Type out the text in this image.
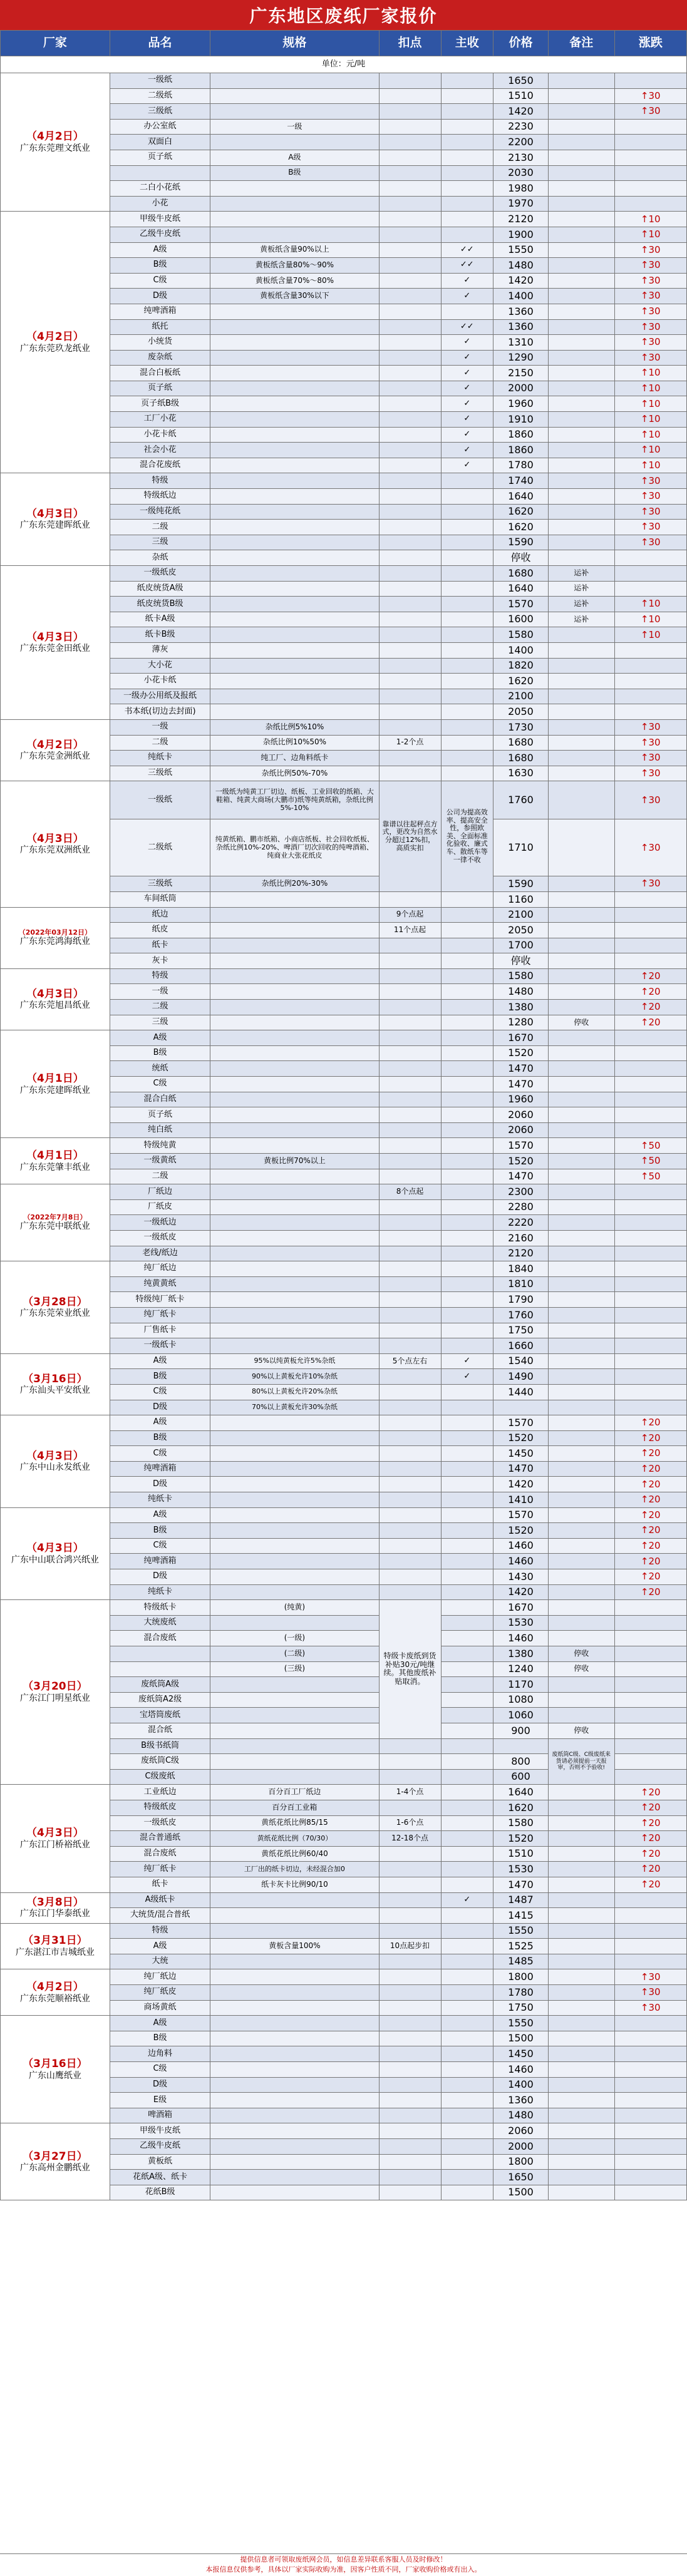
广东地区废纸厂家报价
厂家	品名	规格	扣点	主收	价格	备注	涨跌
单位：元/吨							

（4月2日）
广东东莞理文纸业	一级纸				1650		
	二级纸				1510		↑30
	三级纸				1420		↑30
	办公室纸	一级			2230		
	双面白				2200		
	页子纸	A级			2130		
		B级			2030		
	二白小花纸				1980		
	小花				1970		

（4月2日）
广东东莞玖龙纸业	甲级牛皮纸				2120		↑10
	乙级牛皮纸				1900		↑10
	A级	黄板纸含量90%以上		✓✓	1550		↑30
	B级	黄板纸含量80%～90%		✓✓	1480		↑30
	C级	黄板纸含量70%～80%		✓	1420		↑30
	D级	黄板纸含量30%以下		✓	1400		↑30
	纯啤酒箱				1360		↑30
	纸托			✓✓	1360		↑30
	小统货			✓	1310		↑30
	废杂纸			✓	1290		↑30
	混合白板纸			✓	2150		↑10
	页子纸			✓	2000		↑10
	页子纸B级			✓	1960		↑10
	工厂小花			✓	1910		↑10
	小花卡纸			✓	1860		↑10
	社会小花			✓	1860		↑10
	混合花废纸			✓	1780		↑10

（4月3日）
广东东莞建晖纸业	特级				1740		↑30
	特级纸边				1640		↑30
	一级纯花纸				1620		↑30
	二级				1620		↑30
	三级				1590		↑30
	杂纸				停收		

（4月3日）
广东东莞金田纸业	一级纸皮				1680	运补	
	纸皮统货A级				1640	运补	
	纸皮统货B级				1570	运补	↑10
	纸卡A级				1600	运补	↑10
	纸卡B级				1580		↑10
	薄灰				1400		
	大小花				1820		
	小花卡纸				1620		
	一级办公用纸及报纸				2100		
	书本纸(切边去封面)				2050		

（4月2日）
广东东莞金洲纸业	一级	杂纸比例5%10%			1730		↑30
	二级	杂纸比例10%50%	1-2个点		1680		↑30
	纯纸卡	纯工厂、边角料纸卡			1680		↑30
	三级纸	杂纸比例50%-70%			1630		↑30

（4月3日）
广东东莞双洲纸业	一级纸	一级纸为纯黄工厂切边、纸板、工业回收的纸箱、大鞋箱、纯黄大商场(大鹏市)纸等纯黄纸箱，杂纸比例5%-10%	靠谱以往起秤点方式，更改为自然水分超过12%扣，高质实扣	公司为提高效率、提高安全性，参照欧美、全面标准化验收、廉式车、散纸车等一律不收	1760		↑30
	二级纸	纯黄纸箱、鹏市纸箱、小商店纸板、社会回收纸板、杂纸比例10%-20%、啤酒厂切次回收的纯啤酒箱、纯商业大张花纸皮			1710		↑30
	三级纸	杂纸比例20%-30%			1590		↑30
	车间纸筒				1160		

（2022年03月12日）
广东东莞鸿海纸业	纸边		9个点起		2100		
	纸皮		11个点起		2050		
	纸卡				1700		
	灰卡				停收		

（4月3日）
广东东莞旭昌纸业	特级				1580		↑20
	一级				1480		↑20
	二级				1380		↑20
	三级				1280	停收	↑20

（4月1日）
广东东莞建晖纸业	A级				1670		
	B级				1520		
	统纸				1470		
	C级				1470		
	混合白纸				1960		
	页子纸				2060		
	纯白纸				2060		

（4月1日）
广东东莞肇丰纸业	特级纯黄				1570		↑50
	一级黄纸	黄板比例70%以上			1520		↑50
	二级				1470		↑50

（2022年7月8日）
广东东莞中联纸业	厂纸边		8个点起		2300		
	厂纸皮				2280		
	一级纸边				2220		
	一级纸皮				2160		
	老线/纸边				2120		

（3月28日）
广东东莞荣业纸业	纯厂纸边				1840		
	纯黄黄纸				1810		
	特级纯厂纸卡				1790		
	纯厂纸卡				1760		
	厂售纸卡				1750		
	一级纸卡				1660		

（3月16日）
广东汕头平安纸业	A级	95%以纯黄板允许5%杂纸	5个点左右	✓	1540		
	B级	90%以上黄板允许10%杂纸		✓	1490		
	C级	80%以上黄板允许20%杂纸			1440		
	D级	70%以上黄板允许30%杂纸					

（4月3日）
广东中山永发纸业	A级				1570		↑20
	B级				1520		↑20
	C级				1450		↑20
	纯啤酒箱				1470		↑20
	D级				1420		↑20
	纯纸卡				1410		↑20

（4月3日）
广东中山联合鸿兴纸业	A级				1570		↑20
	B级				1520		↑20
	C级				1460		↑20
	纯啤酒箱				1460		↑20
	D级				1430		↑20
	纯纸卡				1420		↑20

（3月20日）
广东江门明星纸业	特级纸卡	(纯黄)	特级卡废纸到货补贴30元/吨继续。其他废纸补贴取消。		1670		
	大统废纸				1530		
	混合废纸	(一级)			1460		
		(二级)			1380	停收	
		(三级)			1240	停收	
	废纸筒A级				1170		
	废纸筒A2级				1080		
	宝塔筒废纸				1060		
	混合纸				900	停收	
	B级书纸筒					废纸筒C级、C级废纸来货请必须提前一天报审，否则不予验收!	
	废纸筒C级				800		
	C级废纸				600		

（4月3日）
广东江门桥裕纸业	工业纸边	百分百工厂纸边	1-4个点		1640		↑20
	特级纸皮	百分百工业箱			1620		↑20
	一级纸皮	黄纸花纸比例85/15	1-6个点		1580		↑20
	混合普通纸	黄纸花纸比例（70/30）	12-18个点		1520		↑20
	混合废纸	黄纸花纸比例60/40			1510		↑20
	纯厂纸卡	工厂出的纸卡切边，未经混合加0			1530		↑20
	纸卡	纸卡灰卡比例90/10			1470		↑20

（3月8日）
广东江门华泰纸业	A级纸卡			✓	1487		
	大统货/混合普纸				1415		

（3月31日）
广东湛江市吉城纸业	特级				1550		
	A级	黄板含量100%	10点起步扣		1525		
	大统				1485		

（4月2日）
广东东莞顺裕纸业	纯厂纸边				1800		↑30
	纯厂纸皮				1780		↑30
	商场黄纸				1750		↑30

（3月16日）
广东山鹰纸业	A级				1550		
	B级				1500		
	边角料				1450		
	C级				1460		
	D级				1400		
	E级				1360		
	啤酒箱				1480		

（3月27日）
广东高州金鹏纸业	甲级牛皮纸				2060		
	乙级牛皮纸				2000		
	黄板纸				1800		
	花纸A级、纸卡				1650		
	花纸B级				1500		
提供信息者可领取废纸网会员，如信息差异联系客服人员及时修改！
本报信息仅供参考，具体以厂家实际收购为准，因客户性质不同，厂家收购价格或有出入。
